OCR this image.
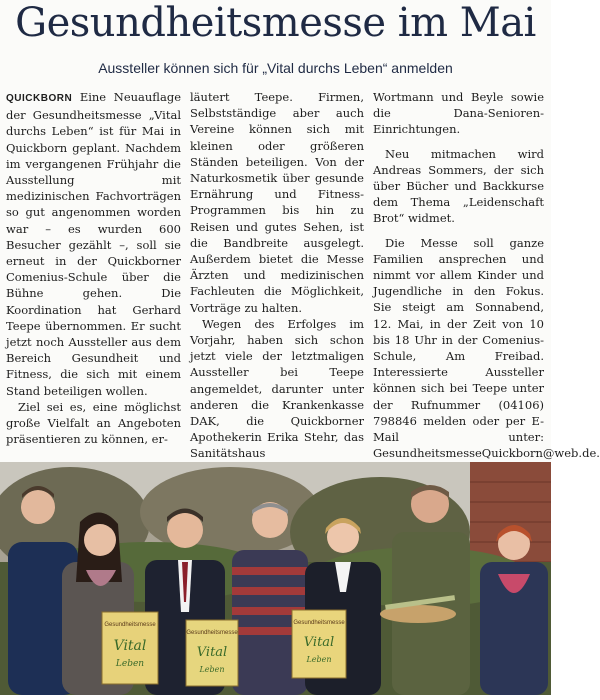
Gesundheitsmesse im Mai
Aussteller können sich für „Vital durchs Leben“ anmelden

QUICKBORN Eine Neuauflage der Gesundheitsmesse „Vital durchs Leben“ ist für Mai in Quickborn geplant. Nachdem im vergangenen Frühjahr die Ausstellung mit medizinischen Fachvorträgen so gut angenommen worden war – es wurden 600 Besucher gezählt –, soll sie erneut in der Quickborner Comenius-Schule über die Bühne gehen. Die Koordination hat Gerhard Teepe übernommen. Er sucht jetzt noch Aussteller aus dem Bereich Gesundheit und Fitness, die sich mit einem Stand beteiligen wollen.

Ziel sei es, eine möglichst große Vielfalt an Angeboten präsentieren zu können, er-

läutert Teepe. Firmen, Selbstständige aber auch Vereine können sich mit kleinen oder größeren Ständen beteiligen. Von der Naturkosmetik über gesunde Ernährung und Fitness-Programmen bis hin zu Reisen und gutes Sehen, ist die Bandbreite ausgelegt. Außerdem bietet die Messe Ärzten und medizinischen Fachleuten die Möglichkeit, Vorträge zu halten.

Wegen des Erfolges im Vorjahr, haben sich schon jetzt viele der letztmaligen Aussteller bei Teepe angemeldet, darunter unter anderen die Krankenkasse DAK, die Quickborner Apothekerin Erika Stehr, das Sanitätshaus

Wortmann und Beyle sowie die Dana-Senioren-Einrichtungen.

Neu mitmachen wird Andreas Sommers, der sich über Bücher und Backkurse dem Thema „Leidenschaft Brot“ widmet.

Die Messe soll ganze Familien ansprechen und nimmt vor allem Kinder und Jugendliche in den Fokus. Sie steigt am Sonnabend, 12. Mai, in der Zeit von 10 bis 18 Uhr in der Comenius-Schule, Am Freibad. Interessierte Aussteller können sich bei Teepe unter der Rufnummer (04106) 798846 melden oder per E-Mail unter: GesundheitsmesseQuickborn@web.de.

Gesundheitsmesse
Vital
Leben
Gesundheitsmesse
Vital
Leben
Gesundheitsmesse
Vital
Leben
